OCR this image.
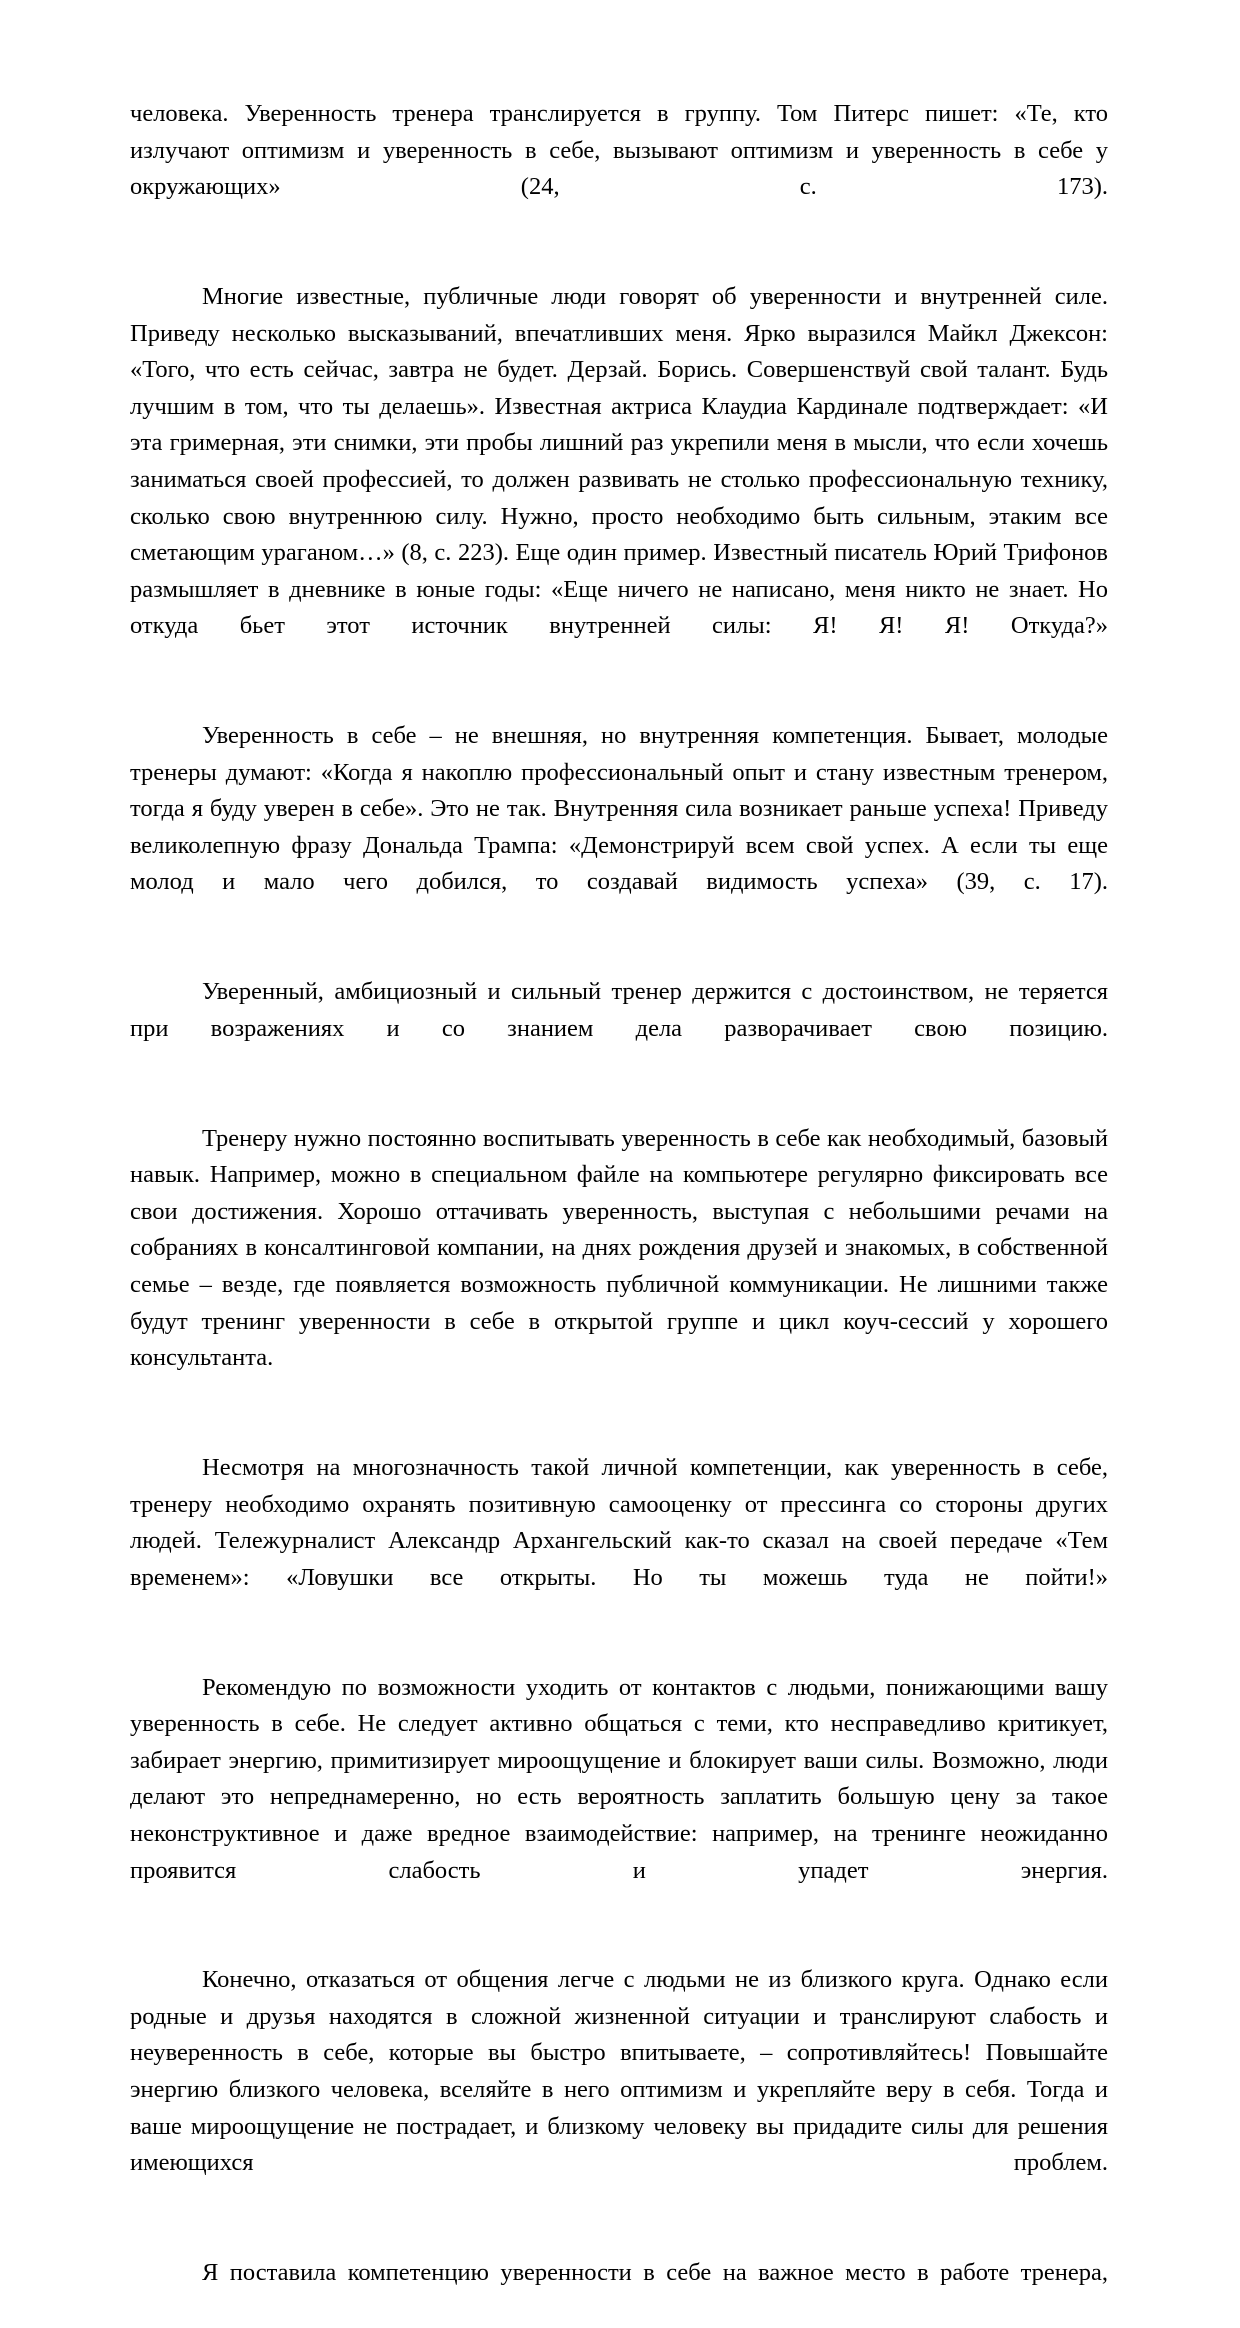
человека. Уверенность тренера транслируется в группу. Том Питерс пишет: «Те, кто излучают оптимизм и уверенность в себе, вызывают оптимизм и уверенность в себе у окружающих» (24, с. 173).

Многие известные, публичные люди говорят об уверенности и внутренней силе. Приведу несколько высказываний, впечатливших меня. Ярко выразился Майкл Джексон: «Того, что есть сейчас, завтра не будет. Дерзай. Борись. Совершенствуй свой талант. Будь лучшим в том, что ты делаешь». Известная актриса Клаудиа Кардинале подтверждает: «И эта гримерная, эти снимки, эти пробы лишний раз укрепили меня в мысли, что если хочешь заниматься своей профессией, то должен развивать не столько профессиональную технику, сколько свою внутреннюю силу. Нужно, просто необходимо быть сильным, этаким все сметающим ураганом…» (8, с. 223). Еще один пример. Известный писатель Юрий Трифонов размышляет в дневнике в юные годы: «Еще ничего не написано, меня никто не знает. Но откуда бьет этот источник внутренней силы: Я! Я! Я! Откуда?»

Уверенность в себе – не внешняя, но внутренняя компетенция. Бывает, молодые тренеры думают: «Когда я накоплю профессиональный опыт и стану известным тренером, тогда я буду уверен в себе». Это не так. Внутренняя сила возникает раньше успеха! Приведу великолепную фразу Дональда Трампа: «Демонстрируй всем свой успех. А если ты еще молод и мало чего добился, то создавай видимость успеха» (39, с. 17).

Уверенный, амбициозный и сильный тренер держится с достоинством, не теряется при возражениях и со знанием дела разворачивает свою позицию.

Тренеру нужно постоянно воспитывать уверенность в себе как необходимый, базовый навык. Например, можно в специальном файле на компьютере регулярно фиксировать все свои достижения. Хорошо оттачивать уверенность, выступая с небольшими речами на собраниях в консалтинговой компании, на днях рождения друзей и знакомых, в собственной семье – везде, где появляется возможность публичной коммуникации. Не лишними также будут тренинг уверенности в себе в открытой группе и цикл коуч-сессий у хорошего консультанта.

Несмотря на многозначность такой личной компетенции, как уверенность в себе, тренеру необходимо охранять позитивную самооценку от прессинга со стороны других людей. Тележурналист Александр Архангельский как-то сказал на своей передаче «Тем временем»: «Ловушки все открыты. Но ты можешь туда не пойти!»

Рекомендую по возможности уходить от контактов с людьми, понижающими вашу уверенность в себе. Не следует активно общаться с теми, кто несправедливо критикует, забирает энергию, примитизирует мироощущение и блокирует ваши силы. Возможно, люди делают это непреднамеренно, но есть вероятность заплатить большую цену за такое неконструктивное и даже вредное взаимодействие: например, на тренинге неожиданно проявится слабость и упадет энергия.

Конечно, отказаться от общения легче с людьми не из близкого круга. Однако если родные и друзья находятся в сложной жизненной ситуации и транслируют слабость и неуверенность в себе, которые вы быстро впитываете, – сопротивляйтесь! Повышайте энергию близкого человека, вселяйте в него оптимизм и укрепляйте веру в себя. Тогда и ваше мироощущение не пострадает, и близкому человеку вы придадите силы для решения имеющихся проблем.

Я поставила компетенцию уверенности в себе на важное место в работе тренера,
